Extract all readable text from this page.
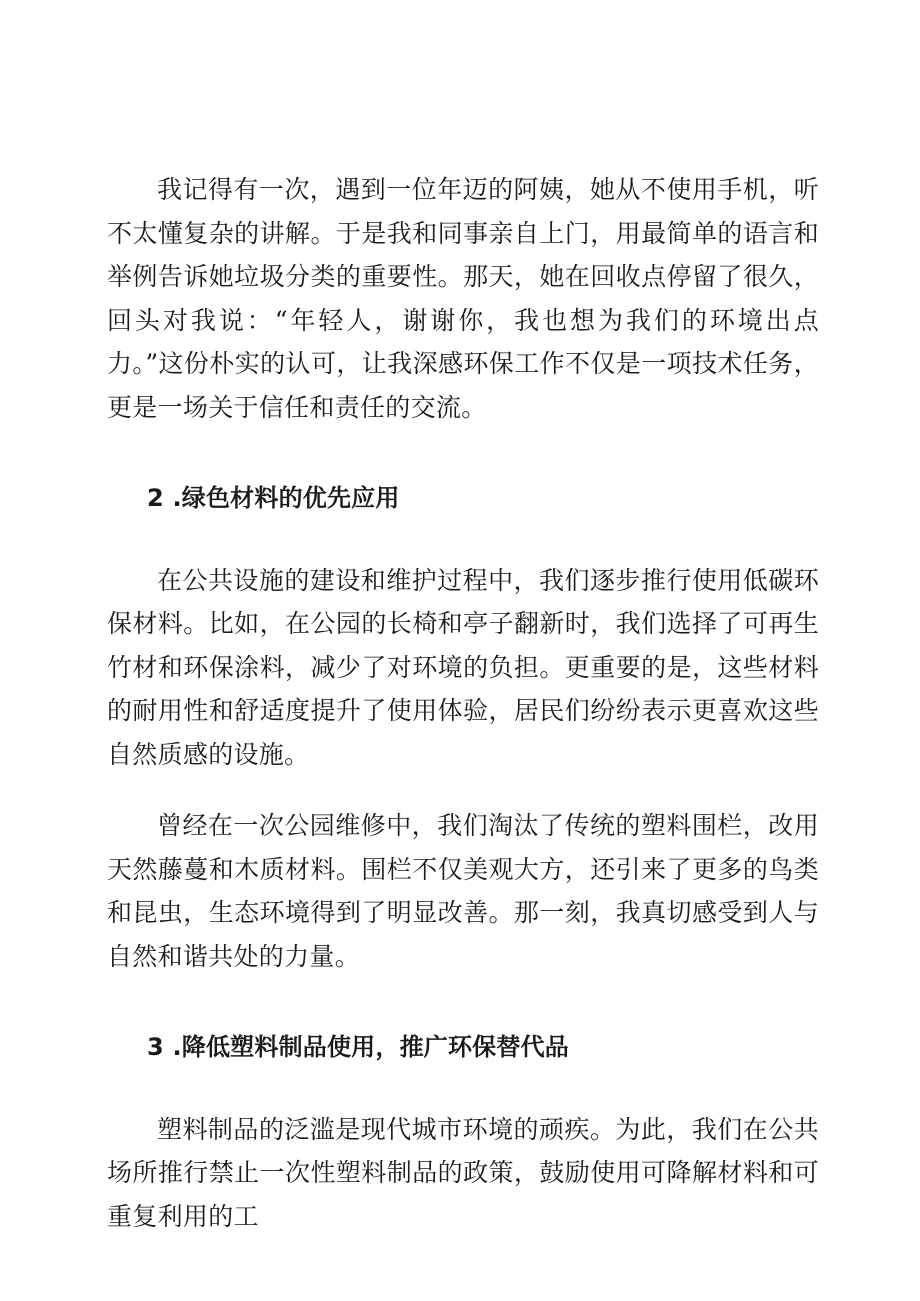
我记得有一次，遇到一位年迈的阿姨，她从不使用手机，听不太懂复杂的讲解。于是我和同事亲自上门，用最简单的语言和举例告诉她垃圾分类的重要性。那天，她在回收点停留了很久，回头对我说：“年轻人，谢谢你，我也想为我们的环境出点力。”这份朴实的认可，让我深感环保工作不仅是一项技术任务，更是一场关于信任和责任的交流。

2 .绿色材料的优先应用

在公共设施的建设和维护过程中，我们逐步推行使用低碳环保材料。比如，在公园的长椅和亭子翻新时，我们选择了可再生竹材和环保涂料，减少了对环境的负担。更重要的是，这些材料的耐用性和舒适度提升了使用体验，居民们纷纷表示更喜欢这些自然质感的设施。

曾经在一次公园维修中，我们淘汰了传统的塑料围栏，改用天然藤蔓和木质材料。围栏不仅美观大方，还引来了更多的鸟类和昆虫，生态环境得到了明显改善。那一刻，我真切感受到人与自然和谐共处的力量。

3 .降低塑料制品使用，推广环保替代品

塑料制品的泛滥是现代城市环境的顽疾。为此，我们在公共场所推行禁止一次性塑料制品的政策，鼓励使用可降解材料和可重复利用的工
